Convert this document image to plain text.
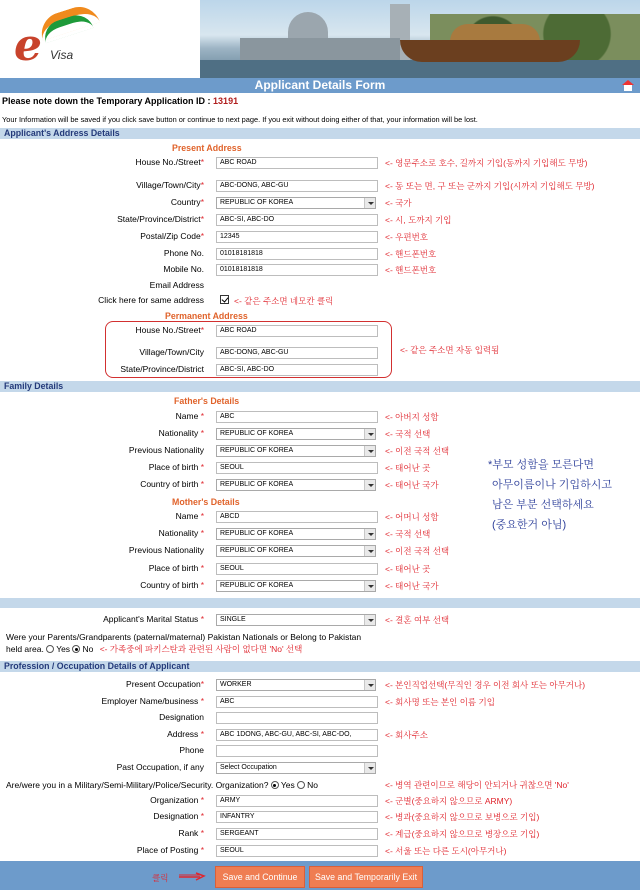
e Visa
Applicant Details Form
Please note down the Temporary Application ID : 13191
Your Information will be saved if you click save button or continue to next page. If you exit without doing either of that, your information will be lost.
Applicant's Address Details
Present Address
House No./Street*	ABC ROAD	<- 영문주소로 호수, 길까지 기입(동까지 기입해도 무방)
Village/Town/City*	ABC-DONG, ABC-GU	<- 동 또는 면, 구 또는 군까지 기입(시까지 기입해도 무방)
Country*	REPUBLIC OF KOREA	<- 국가
State/Province/District*	ABC-SI, ABC-DO	<- 시, 도까지 기입
Postal/Zip Code*	12345	<- 우편번호
Phone No.	01018181818	<- 핸드폰번호
Mobile No.	01018181818	<- 핸드폰번호
Email Address
Click here for same address	<- 같은 주소면 네모칸 클릭
Permanent Address
House No./Street*	ABC ROAD
Village/Town/City	ABC-DONG, ABC-GU
State/Province/District	ABC-SI, ABC-DO
<- 같은 주소면 자동 입력됨
Family Details
Father's Details
Name *	ABC	<- 아버지 성함
Nationality *	REPUBLIC OF KOREA	<- 국적 선택
Previous Nationality	REPUBLIC OF KOREA	<- 이전 국적 선택
Place of birth *	SEOUL	<- 태어난 곳
Country of birth *	REPUBLIC OF KOREA	<- 태어난 국가
*부모 성함을 모른다면
아무이름이나 기입하시고
남은 부분 선택하세요
(중요한거 아님)
Mother's Details
Name *	ABCD	<- 어머니 성함
Nationality *	REPUBLIC OF KOREA	<- 국적 선택
Previous Nationality	REPUBLIC OF KOREA	<- 이전 국적 선택
Place of birth *	SEOUL	<- 태어난 곳
Country of birth *	REPUBLIC OF KOREA	<- 태어난 국가
Applicant's Marital Status *	SINGLE	<- 결혼 여부 선택
Were your Parents/Grandparents (paternal/maternal) Pakistan Nationals or Belong to Pakistan
held area. Yes No <- 가족중에 파키스탄과 관련된 사람이 없다면 'No' 선택
Profession / Occupation Details of Applicant
Present Occupation*	WORKER	<- 본인직업선택(무직인 경우 이전 회사 또는 아무거나)
Employer Name/business *	ABC	<- 회사명 또는 본인 이름 기입
Designation
Address *	ABC 1DONG, ABC-GU, ABC-SI, ABC-DO,	<- 회사주소
Phone
Past Occupation, if any	Select Occupation
Are/were you in a Military/Semi-Military/Police/Security. Organization? Yes No	<- 병역 관련이므로 해당이 안되거나 귀찮으면 'No'
Organization *	ARMY	<- 군별(중요하지 않으므로 ARMY)
Designation *	INFANTRY	<- 병과(중요하지 않으므로 보병으로 기입)
Rank *	SERGEANT	<- 계급(중요하지 않으므로 병장으로 기입)
Place of Posting *	SEOUL	<- 서울 또는 다른 도시(아무거나)
클릭	Save and Continue	Save and Temporarily Exit
